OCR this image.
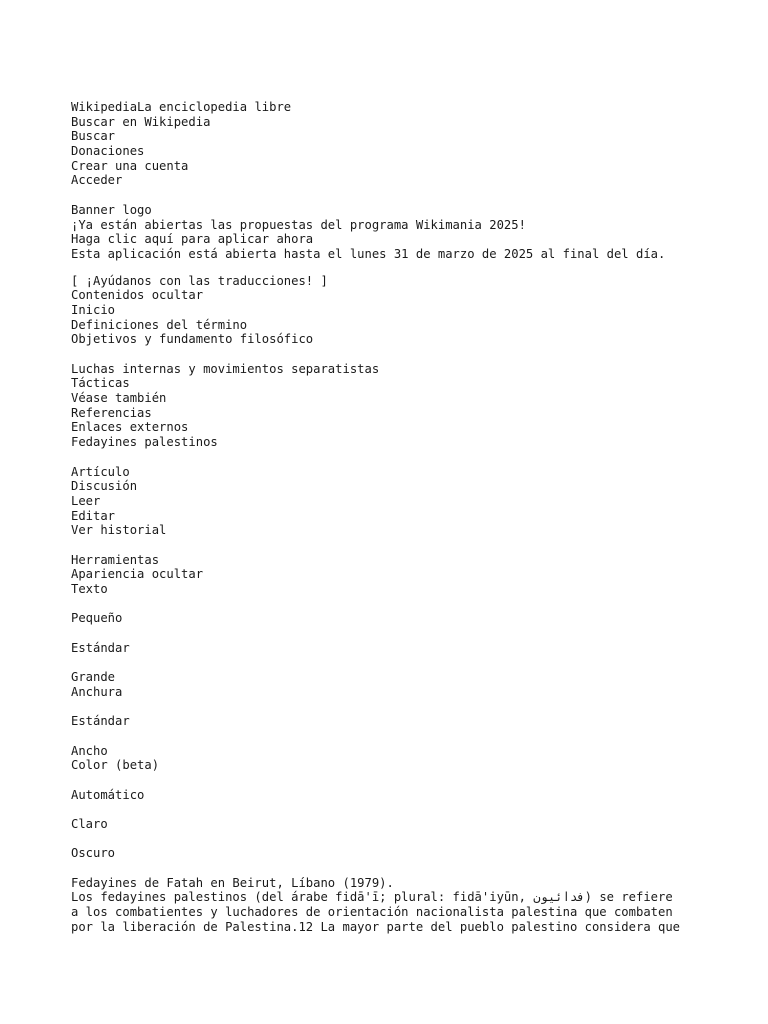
WikipediaLa enciclopedia libre
Buscar en Wikipedia
Buscar
Donaciones
Crear una cuenta
Acceder
Banner logo
¡Ya están abiertas las propuestas del programa Wikimania 2025!
Haga clic aquí para aplicar ahora
Esta aplicación está abierta hasta el lunes 31 de marzo de 2025 al final del día.
[ ¡Ayúdanos con las traducciones! ]
Contenidos ocultar
Inicio
Definiciones del término
Objetivos y fundamento filosófico
Luchas internas y movimientos separatistas
Tácticas
Véase también
Referencias
Enlaces externos
Fedayines palestinos
Artículo
Discusión
Leer
Editar
Ver historial
Herramientas
Apariencia ocultar
Texto
Pequeño
Estándar
Grande
Anchura
Estándar
Ancho
Color (beta)
Automático
Claro
Oscuro
Fedayines de Fatah en Beirut, Líbano (1979).
Los fedayines palestinos (del árabe fidā'ī; plural: fidā'iyūn, فدائيون) se refiere
a los combatientes y luchadores de orientación nacionalista palestina que combaten
por la liberación de Palestina.12 La mayor parte del pueblo palestino considera que
